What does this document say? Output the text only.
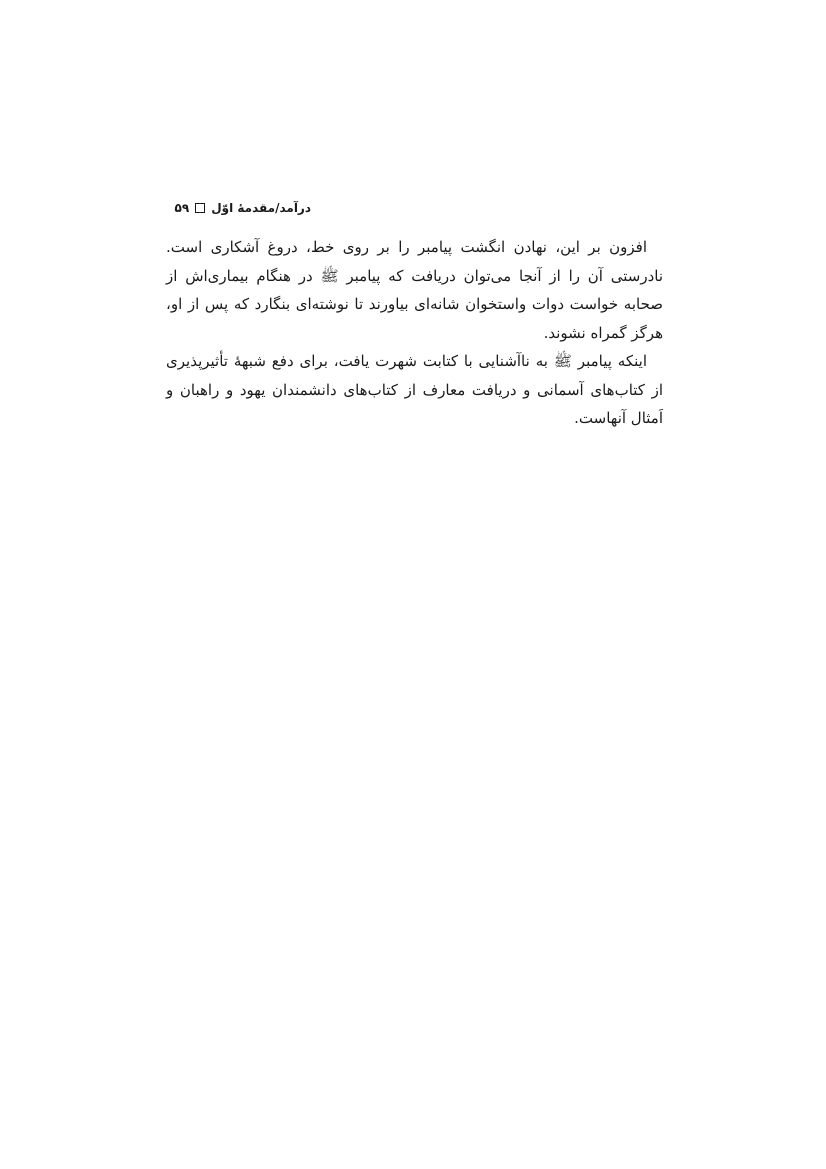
درآمد/مقدمهٔ اوّل
۵۹

افزون بر این، نهادن انگشت پیامبر را بر روی خط، دروغ آشکاری است. نادرستی آن را از آنجا می‌توان دریافت که پیامبر ﷺ در هنگام بیماری‌اش از صحابه خواست دوات واستخوان شانه‌ای بیاورند تا نوشته‌ای بنگارد که پس از او، هرگز گمراه نشوند.

اینکه پیامبر ﷺ به ناآشنایی با کتابت شهرت یافت، برای دفع شبههٔ تأثیرپذیری از کتاب‌های آسمانی و دریافت معارف از کتاب‌های دانشمندان یهود و راهبان و اَمثال آنهاست.
